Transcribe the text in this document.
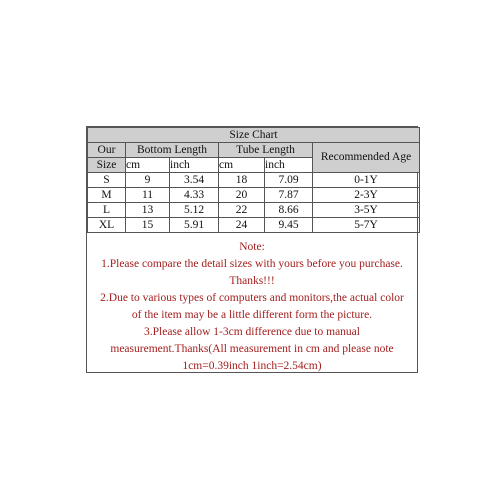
Size Chart					
Our	Bottom Length		Tube Length		Recommended Age
Size	cm	inch	cm	inch	
S	9	3.54	18	7.09	0-1Y
M	11	4.33	20	7.87	2-3Y
L	13	5.12	22	8.66	3-5Y
XL	15	5.91	24	9.45	5-7Y
Note:
1.Please compare the detail sizes with yours before you purchase.
Thanks!!!
2.Due to various types of computers and monitors,the actual color
of the item may be a little different form the picture.
3.Please allow 1-3cm difference due to manual
measurement.Thanks(All measurement in cm and please note
1cm=0.39inch 1inch=2.54cm)
